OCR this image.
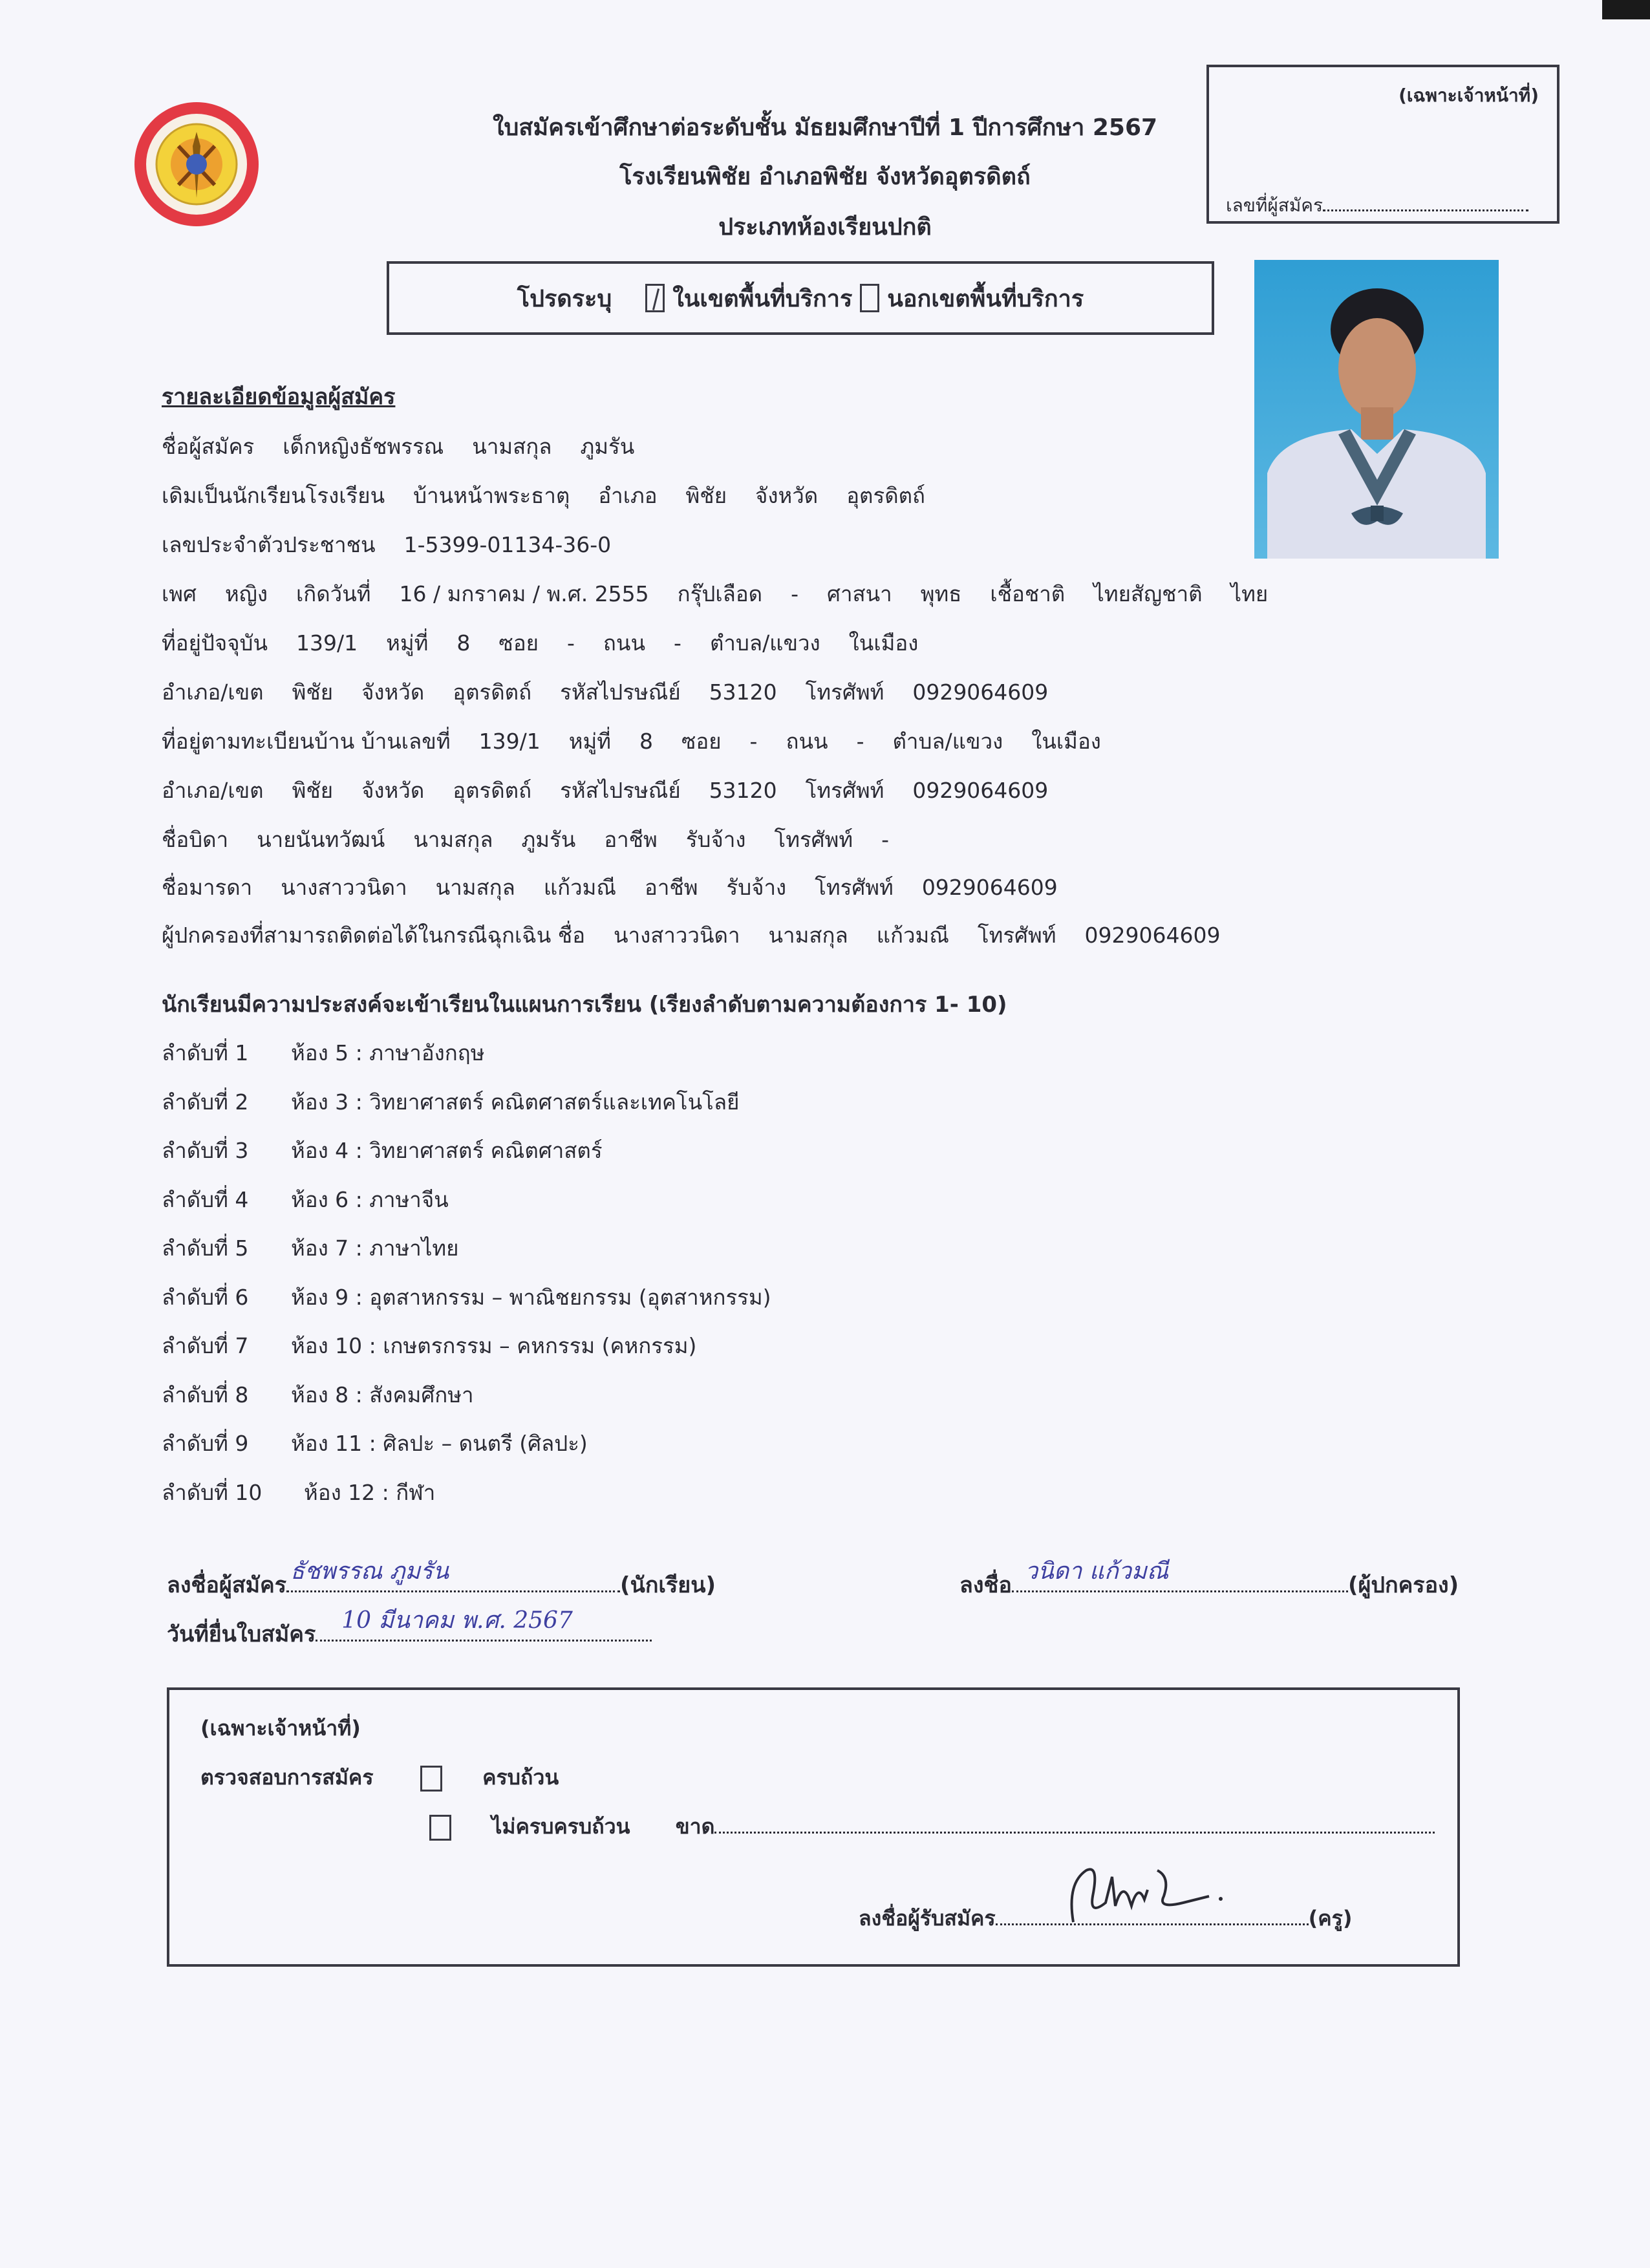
ใบสมัครเข้าศึกษาต่อระดับชั้น มัธยมศึกษาปีที่ 1 ปีการศึกษา 2567
โรงเรียนพิชัย อำเภอพิชัย จังหวัดอุตรดิตถ์
ประเภทห้องเรียนปกติ
(เฉพาะเจ้าหน้าที่)
เลขที่ผู้สมัคร
โปรดระบุ	ในเขตพื้นที่บริการ นอกเขตพื้นที่บริการ
รายละเอียดข้อมูลผู้สมัคร
ชื่อผู้สมัคร เด็กหญิงธัชพรรณ นามสกุล ภูมรัน
เดิมเป็นนักเรียนโรงเรียน บ้านหน้าพระธาตุ อำเภอ พิชัย จังหวัด อุตรดิตถ์
เลขประจำตัวประชาชน 1-5399-01134-36-0
เพศ หญิง เกิดวันที่ 16 / มกราคม / พ.ศ. 2555 กรุ๊ปเลือด - ศาสนา พุทธ เชื้อชาติ ไทยสัญชาติ ไทย
ที่อยู่ปัจจุบัน 139/1 หมู่ที่ 8 ซอย - ถนน - ตำบล/แขวง ในเมือง
อำเภอ/เขต พิชัย จังหวัด อุตรดิตถ์ รหัสไปรษณีย์ 53120 โทรศัพท์ 0929064609
ที่อยู่ตามทะเบียนบ้าน บ้านเลขที่ 139/1 หมู่ที่ 8 ซอย - ถนน - ตำบล/แขวง ในเมือง
อำเภอ/เขต พิชัย จังหวัด อุตรดิตถ์ รหัสไปรษณีย์ 53120 โทรศัพท์ 0929064609
ชื่อบิดา นายนันทวัฒน์ นามสกุล ภูมรัน อาชีพ รับจ้าง โทรศัพท์ -
ชื่อมารดา นางสาววนิดา นามสกุล แก้วมณี อาชีพ รับจ้าง โทรศัพท์ 0929064609
ผู้ปกครองที่สามารถติดต่อได้ในกรณีฉุกเฉิน ชื่อ นางสาววนิดา นามสกุล แก้วมณี โทรศัพท์ 0929064609
นักเรียนมีความประสงค์จะเข้าเรียนในแผนการเรียน (เรียงลำดับตามความต้องการ 1- 10)
ลำดับที่ 1 ห้อง 5 : ภาษาอังกฤษ
ลำดับที่ 2 ห้อง 3 : วิทยาศาสตร์ คณิตศาสตร์และเทคโนโลยี
ลำดับที่ 3 ห้อง 4 : วิทยาศาสตร์ คณิตศาสตร์
ลำดับที่ 4 ห้อง 6 : ภาษาจีน
ลำดับที่ 5 ห้อง 7 : ภาษาไทย
ลำดับที่ 6 ห้อง 9 : อุตสาหกรรม – พาณิชยกรรม (อุตสาหกรรม)
ลำดับที่ 7 ห้อง 10 : เกษตรกรรม – คหกรรม (คหกรรม)
ลำดับที่ 8 ห้อง 8 : สังคมศึกษา
ลำดับที่ 9 ห้อง 11 : ศิลปะ – ดนตรี (ศิลปะ)
ลำดับที่ 10 ห้อง 12 : กีฬา
ลงชื่อผู้สมัคร
ธัชพรรณ ภูมรัน
(นักเรียน)	ลงชื่อ
วนิดา แก้วมณี
(ผู้ปกครอง)
วันที่ยื่นใบสมัคร
10 มีนาคม พ.ศ. 2567
(เฉพาะเจ้าหน้าที่)
ตรวจสอบการสมัคร	ครบถ้วน
ไม่ครบครบถ้วน ขาด
ลงชื่อผู้รับสมัคร	(ครู)
